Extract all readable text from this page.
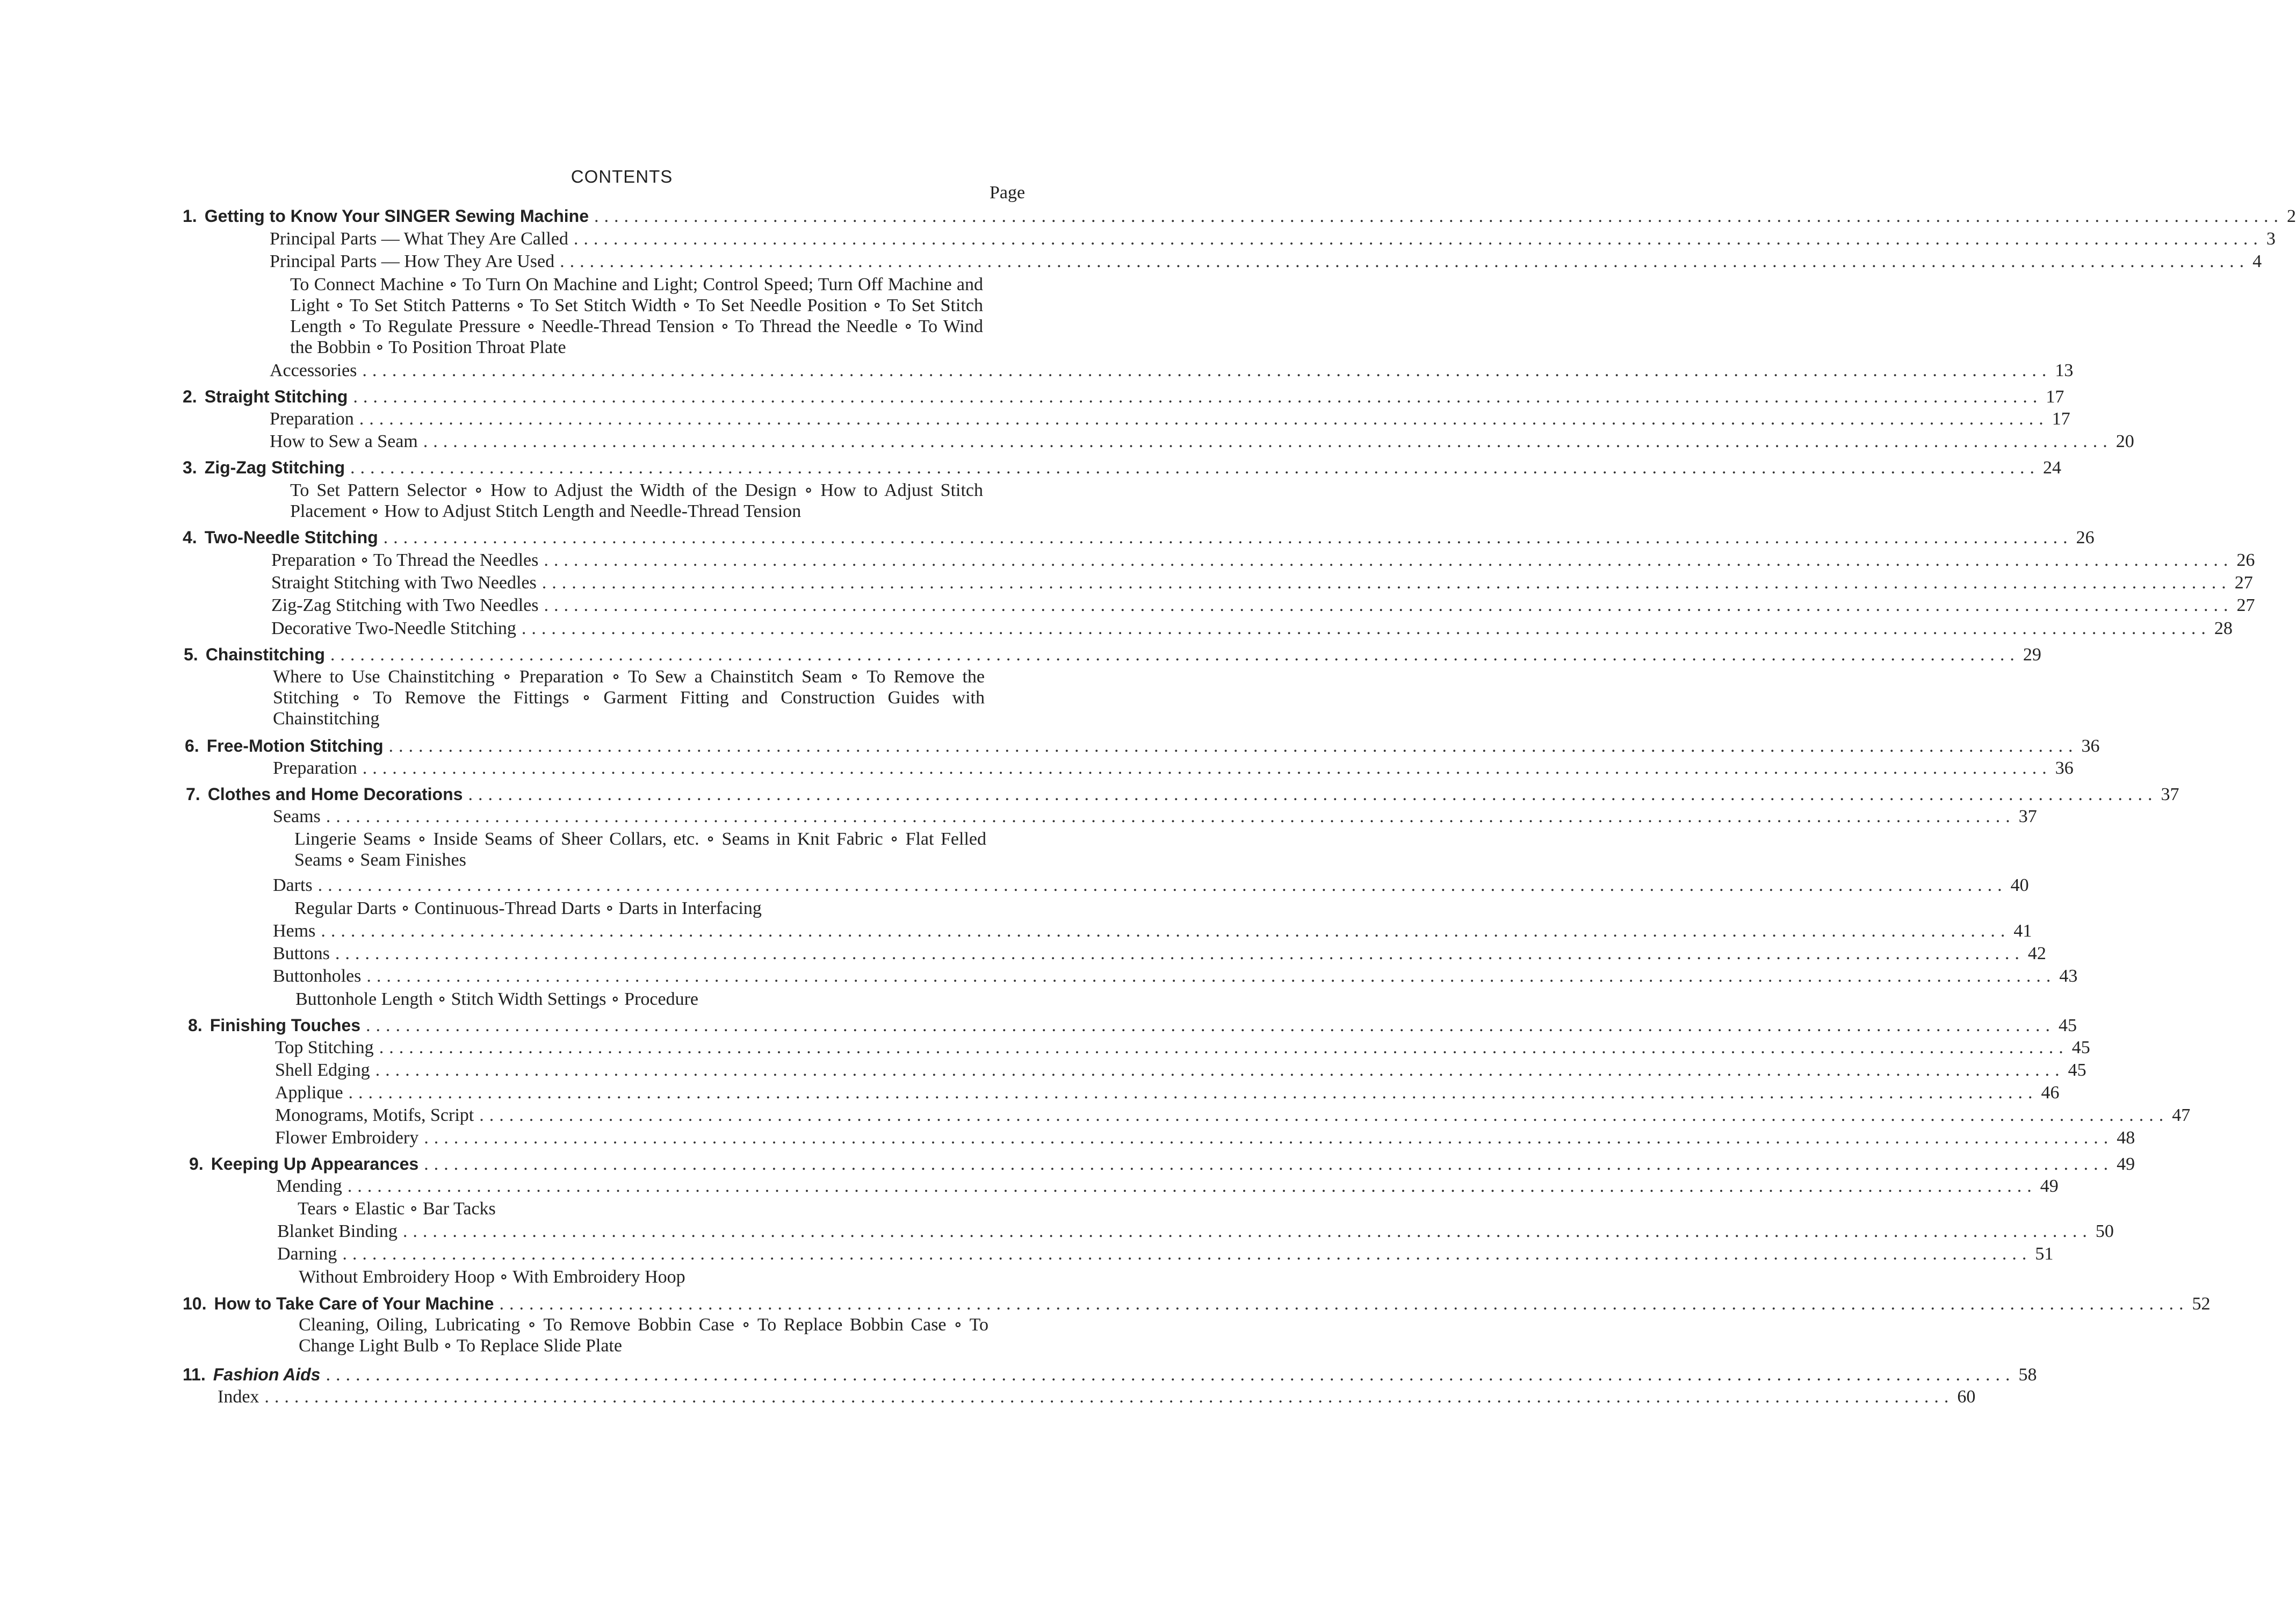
CONTENTS
Page
1. Getting to Know Your SINGER Sewing Machine .......................................................................................................................................................................... 2
Principal Parts — What They Are Called .......................................................................................................................................................................... 3
Principal Parts — How They Are Used .......................................................................................................................................................................... 4
To Connect Machine ∘ To Turn On Machine and Light; Control Speed; Turn Off Machine and Light ∘ To Set Stitch Patterns ∘ To Set Stitch Width ∘ To Set Needle Position ∘ To Set Stitch Length ∘ To Regulate Pressure ∘ Needle-Thread Tension ∘ To Thread the Needle ∘ To Wind the Bobbin ∘ To Position Throat Plate
Accessories .......................................................................................................................................................................... 13
2. Straight Stitching .......................................................................................................................................................................... 17
Preparation .......................................................................................................................................................................... 17
How to Sew a Seam .......................................................................................................................................................................... 20
3. Zig-Zag Stitching .......................................................................................................................................................................... 24
To Set Pattern Selector ∘ How to Adjust the Width of the Design ∘ How to Adjust Stitch Placement ∘ How to Adjust Stitch Length and Needle-Thread Tension
4. Two-Needle Stitching .......................................................................................................................................................................... 26
Preparation ∘ To Thread the Needles .......................................................................................................................................................................... 26
Straight Stitching with Two Needles .......................................................................................................................................................................... 27
Zig-Zag Stitching with Two Needles .......................................................................................................................................................................... 27
Decorative Two-Needle Stitching .......................................................................................................................................................................... 28
5. Chainstitching .......................................................................................................................................................................... 29
Where to Use Chainstitching ∘ Preparation ∘ To Sew a Chainstitch Seam ∘ To Remove the Stitching ∘ To Remove the Fittings ∘ Garment Fitting and Construction Guides with Chainstitching
6. Free-Motion Stitching .......................................................................................................................................................................... 36
Preparation .......................................................................................................................................................................... 36
7. Clothes and Home Decorations .......................................................................................................................................................................... 37
Seams .......................................................................................................................................................................... 37
Lingerie Seams ∘ Inside Seams of Sheer Collars, etc. ∘ Seams in Knit Fabric ∘ Flat Felled Seams ∘ Seam Finishes
Darts .......................................................................................................................................................................... 40
Regular Darts ∘ Continuous-Thread Darts ∘ Darts in Interfacing
Hems .......................................................................................................................................................................... 41
Buttons .......................................................................................................................................................................... 42
Buttonholes .......................................................................................................................................................................... 43
Buttonhole Length ∘ Stitch Width Settings ∘ Procedure
8. Finishing Touches .......................................................................................................................................................................... 45
Top Stitching .......................................................................................................................................................................... 45
Shell Edging .......................................................................................................................................................................... 45
Applique .......................................................................................................................................................................... 46
Monograms, Motifs, Script .......................................................................................................................................................................... 47
Flower Embroidery .......................................................................................................................................................................... 48
9. Keeping Up Appearances .......................................................................................................................................................................... 49
Mending .......................................................................................................................................................................... 49
Tears ∘ Elastic ∘ Bar Tacks
Blanket Binding .......................................................................................................................................................................... 50
Darning .......................................................................................................................................................................... 51
Without Embroidery Hoop ∘ With Embroidery Hoop
10. How to Take Care of Your Machine .......................................................................................................................................................................... 52
Cleaning, Oiling, Lubricating ∘ To Remove Bobbin Case ∘ To Replace Bobbin Case ∘ To Change Light Bulb ∘ To Replace Slide Plate
11. Fashion Aids .......................................................................................................................................................................... 58
Index .......................................................................................................................................................................... 60
